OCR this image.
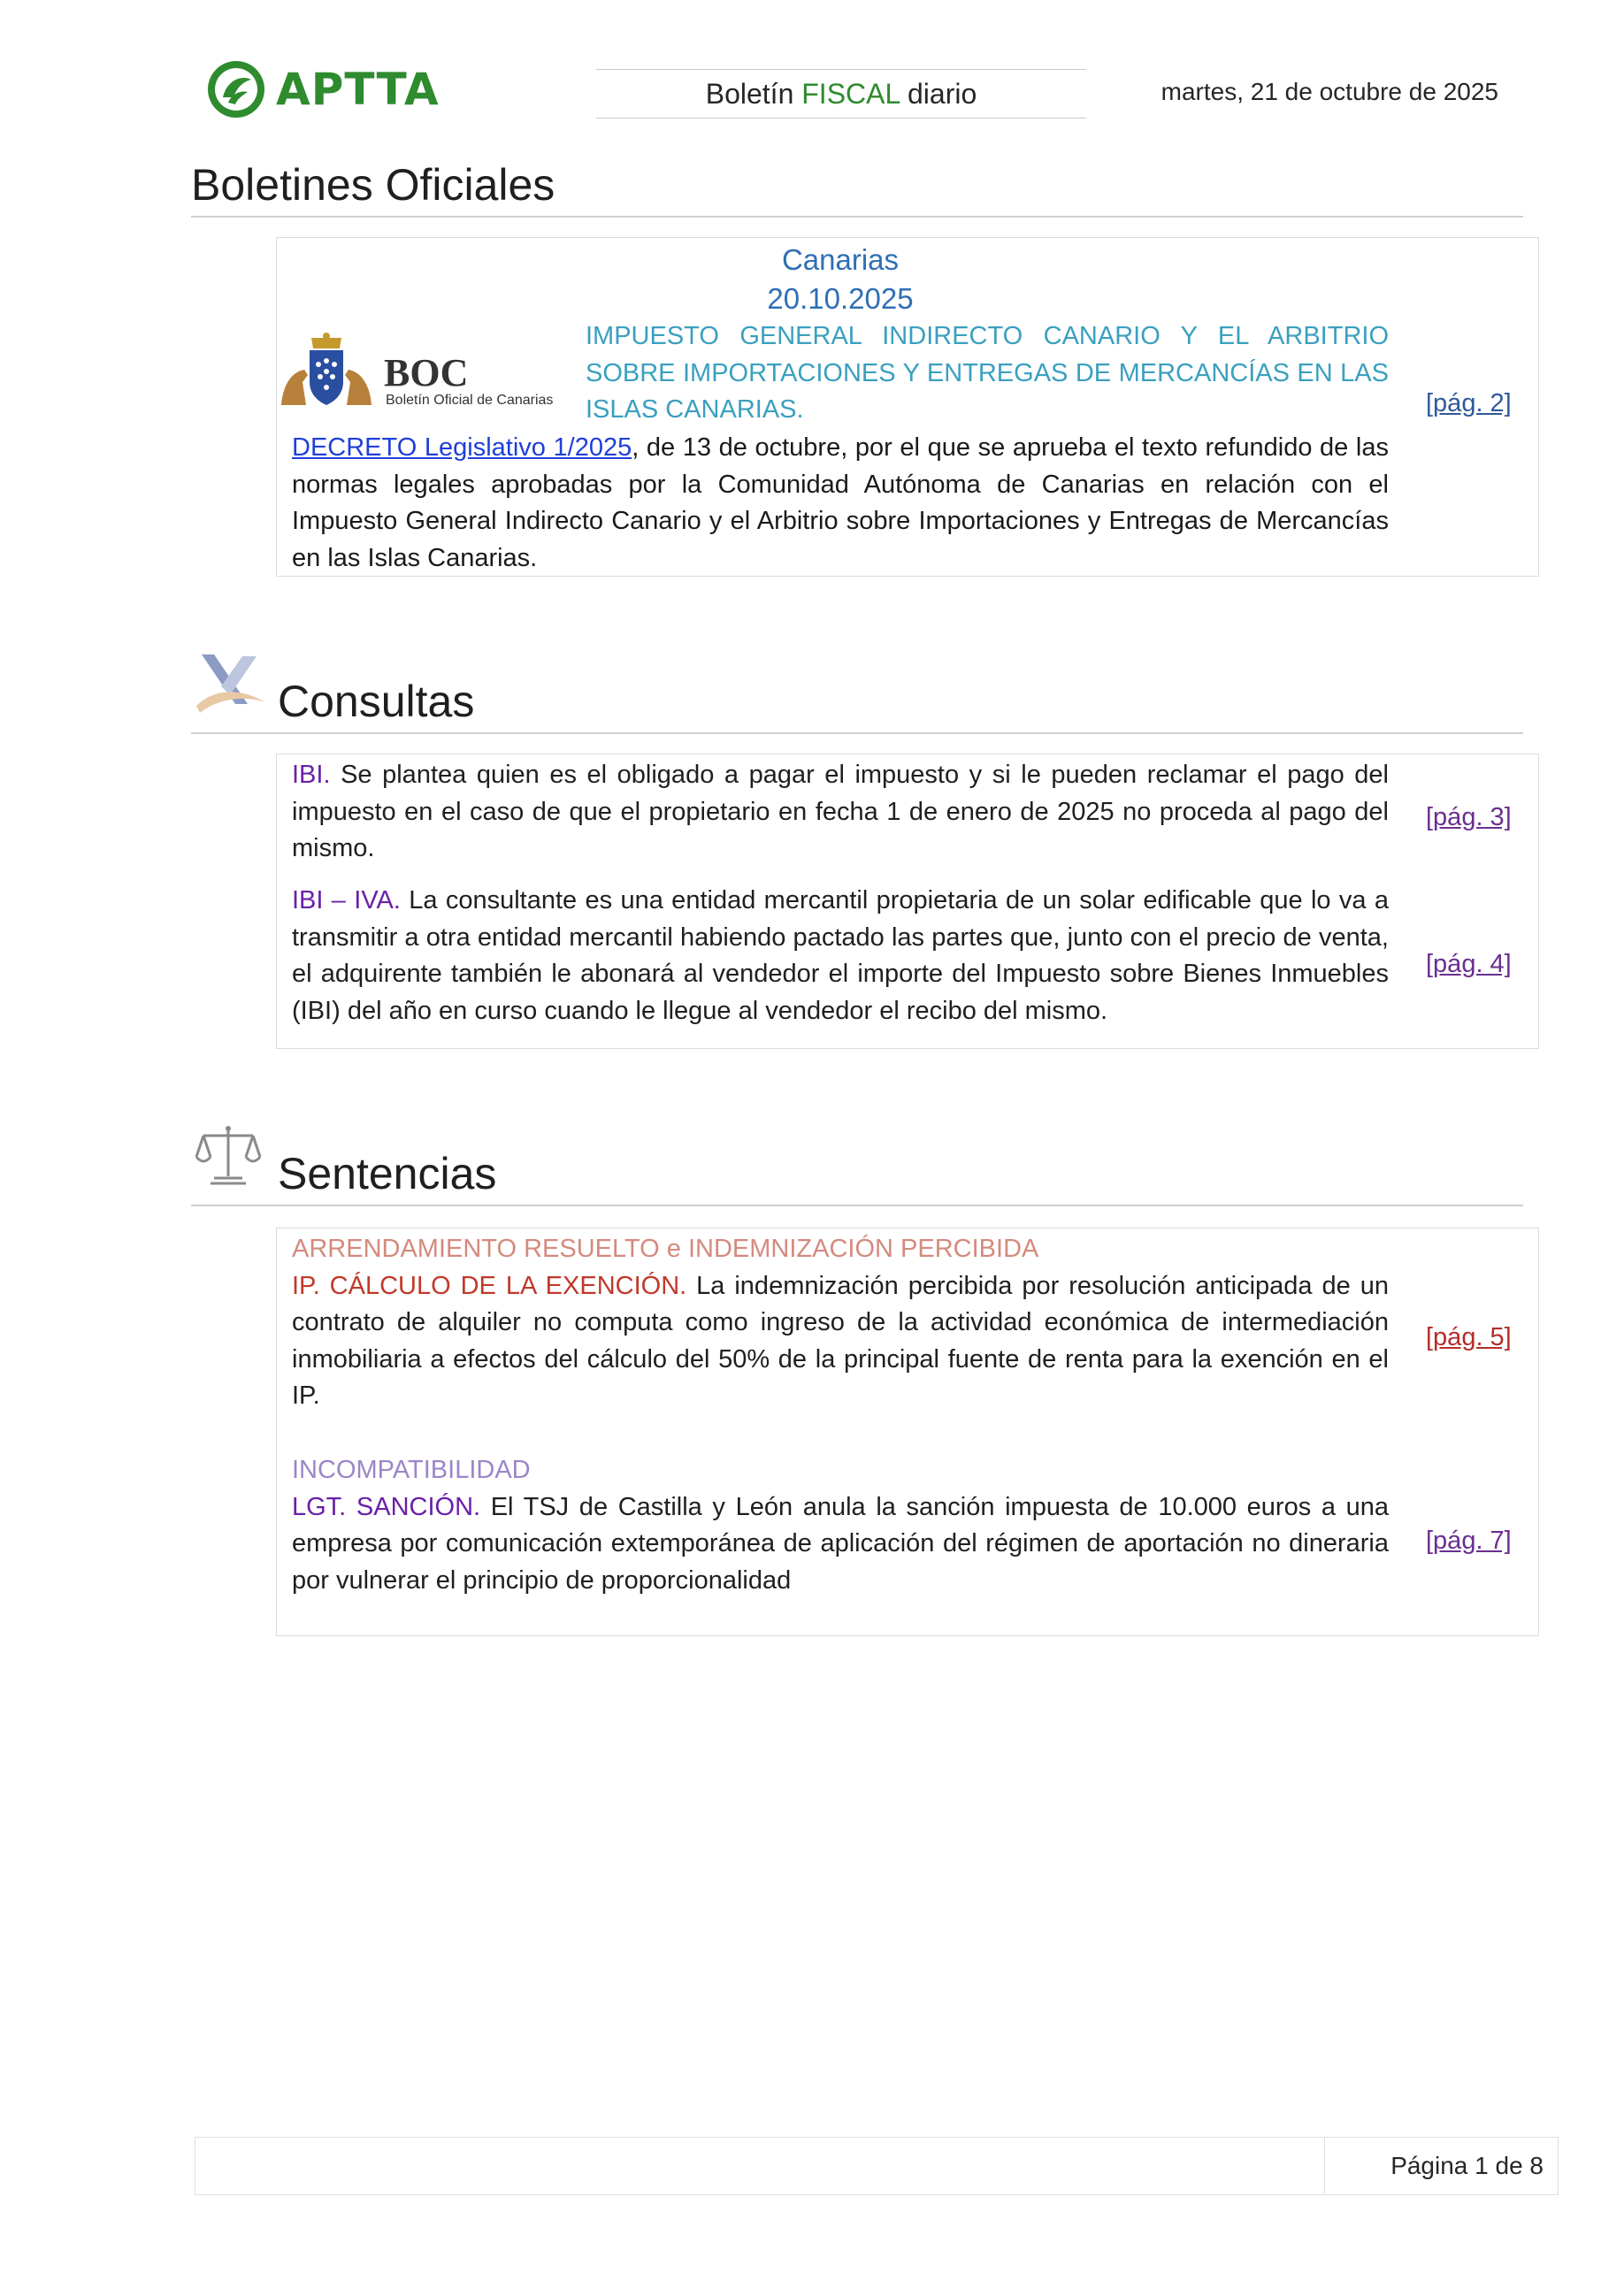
APTTA	Boletín FISCAL diario	martes, 21 de octubre de 2025
Boletines Oficiales
Canarias
20.10.2025
BOC
Boletín Oficial de Canarias
IMPUESTO GENERAL INDIRECTO CANARIO Y EL ARBITRIO SOBRE IMPORTACIONES Y ENTREGAS DE MERCANCÍAS EN LAS ISLAS CANARIAS.
DECRETO Legislativo 1/2025, de 13 de octubre, por el que se aprueba el texto refundido de las normas legales aprobadas por la Comunidad Autónoma de Canarias en relación con el Impuesto General Indirecto Canario y el Arbitrio sobre Importaciones y Entregas de Mercancías en las Islas Canarias.
[pág. 2]
Consultas
IBI. Se plantea quien es el obligado a pagar el impuesto y si le pueden reclamar el pago del impuesto en el caso de que el propietario en fecha 1 de enero de 2025 no proceda al pago del mismo.
[pág. 3]
IBI – IVA. La consultante es una entidad mercantil propietaria de un solar edificable que lo va a transmitir a otra entidad mercantil habiendo pactado las partes que, junto con el precio de venta, el adquirente también le abonará al vendedor el importe del Impuesto sobre Bienes Inmuebles (IBI) del año en curso cuando le llegue al vendedor el recibo del mismo.
[pág. 4]
Sentencias
ARRENDAMIENTO RESUELTO e INDEMNIZACIÓN PERCIBIDA
IP. CÁLCULO DE LA EXENCIÓN. La indemnización percibida por resolución anticipada de un contrato de alquiler no computa como ingreso de la actividad económica de intermediación inmobiliaria a efectos del cálculo del 50% de la principal fuente de renta para la exención en el IP.
[pág. 5]
INCOMPATIBILIDAD
LGT. SANCIÓN. El TSJ de Castilla y León anula la sanción impuesta de 10.000 euros a una empresa por comunicación extemporánea de aplicación del régimen de aportación no dineraria por vulnerar el principio de proporcionalidad
[pág. 7]
Página 1 de 8
